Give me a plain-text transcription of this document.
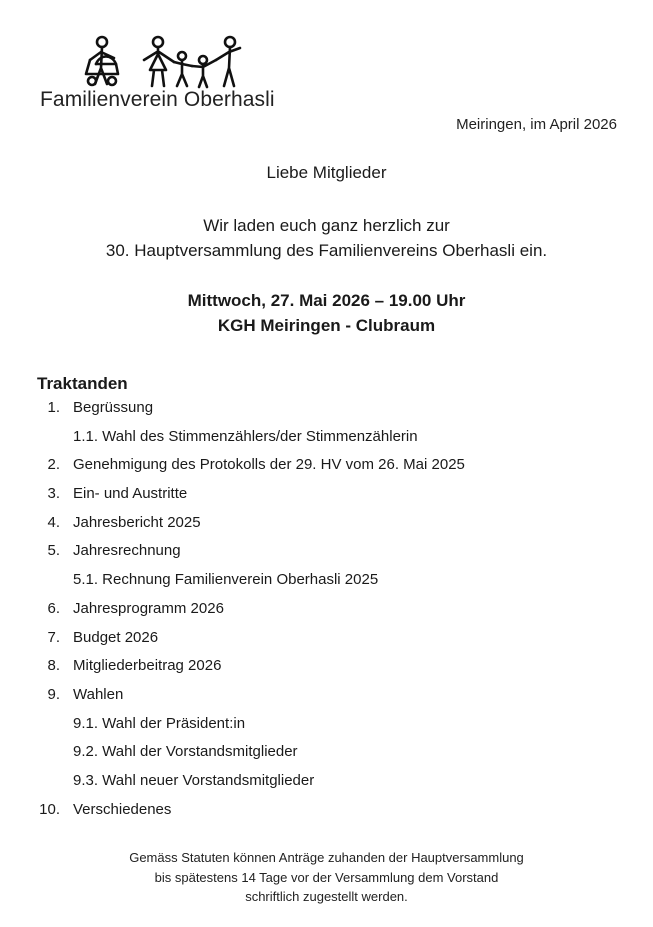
Familienverein Oberhasli
Meiringen, im April 2026
Liebe Mitglieder
Wir laden euch ganz herzlich zur
30. Hauptversammlung des Familienvereins Oberhasli ein.
Mittwoch, 27. Mai 2026 – 19.00 Uhr
KGH Meiringen - Clubraum
Traktanden
1. Begrüssung
1.1. Wahl des Stimmenzählers/der Stimmenzählerin
2. Genehmigung des Protokolls der 29. HV vom 26. Mai 2025
3. Ein- und Austritte
4. Jahresbericht 2025
5. Jahresrechnung
5.1. Rechnung Familienverein Oberhasli 2025
6. Jahresprogramm 2026
7. Budget 2026
8. Mitgliederbeitrag 2026
9. Wahlen
9.1. Wahl der Präsident:in
9.2. Wahl der Vorstandsmitglieder
9.3. Wahl neuer Vorstandsmitglieder
10. Verschiedenes
Gemäss Statuten können Anträge zuhanden der Hauptversammlung
bis spätestens 14 Tage vor der Versammlung dem Vorstand
schriftlich zugestellt werden.
